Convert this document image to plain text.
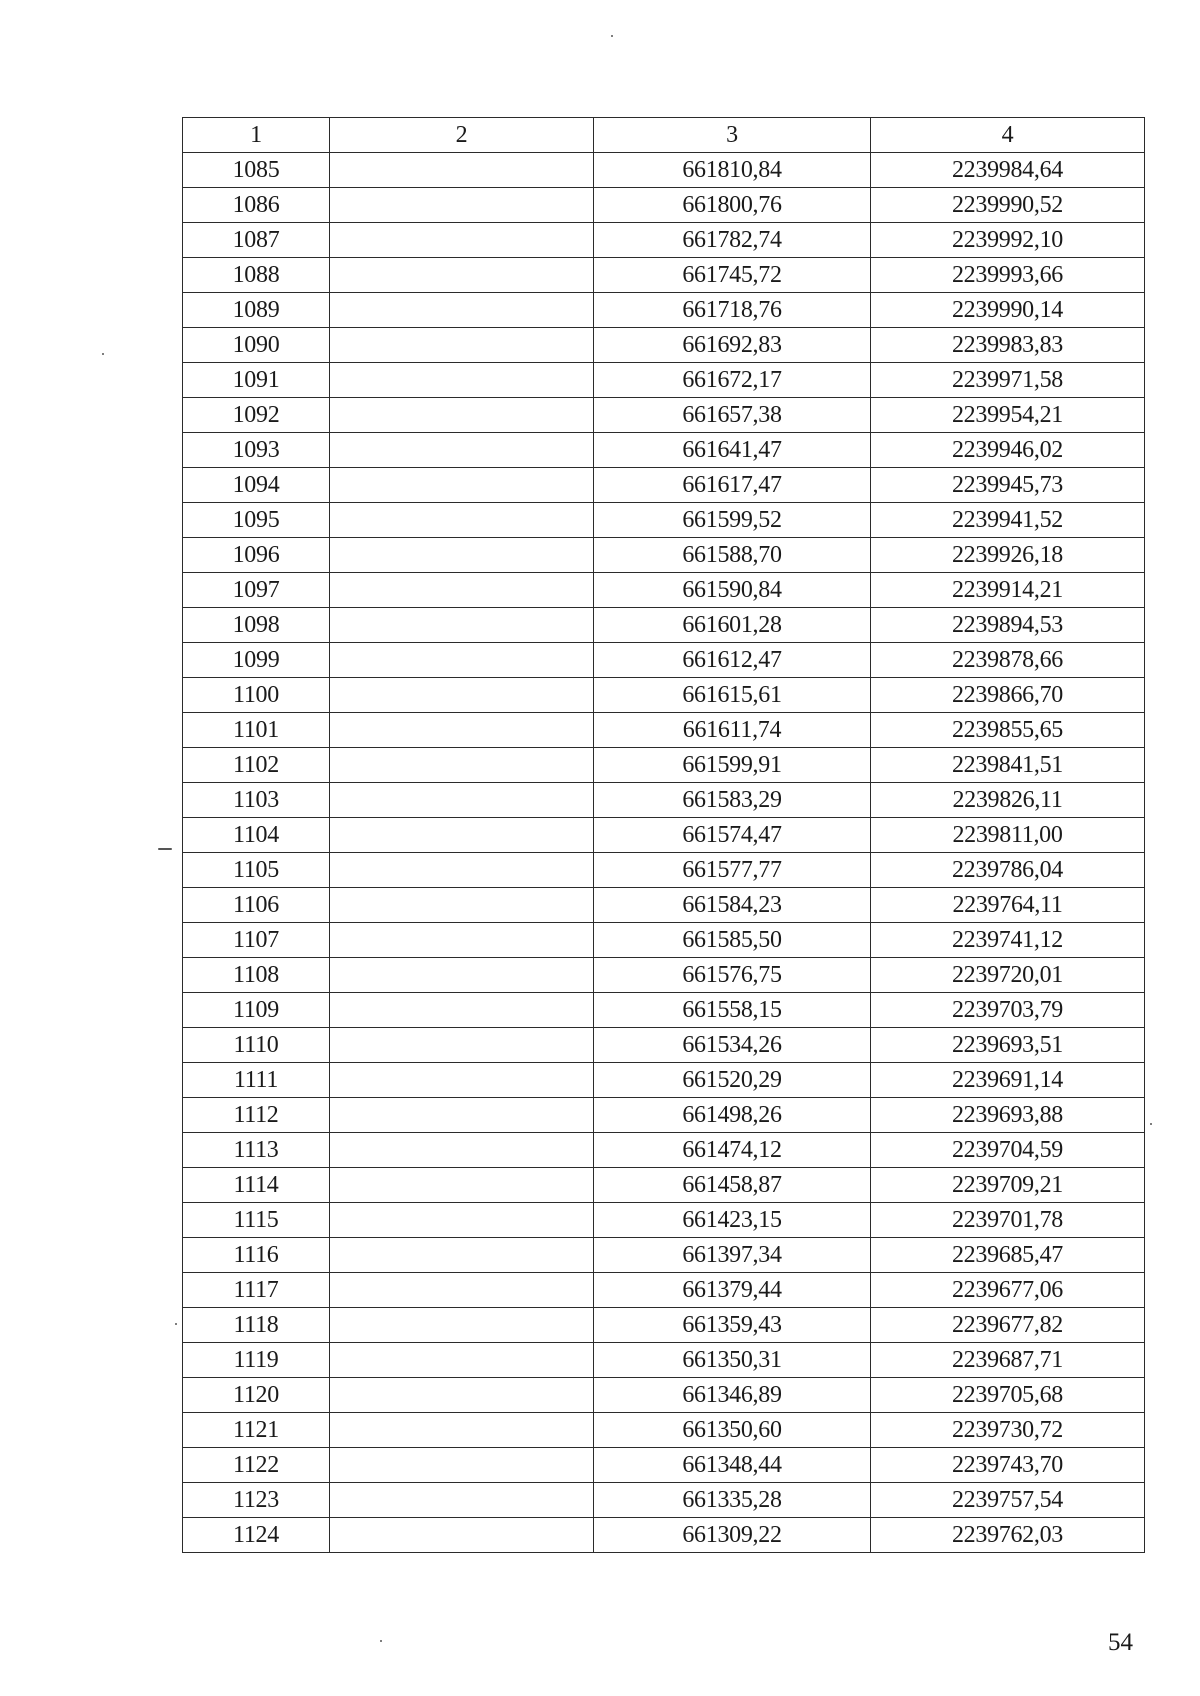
1	2	3	4
1085		661810,84	2239984,64
1086		661800,76	2239990,52
1087		661782,74	2239992,10
1088		661745,72	2239993,66
1089		661718,76	2239990,14
1090		661692,83	2239983,83
1091		661672,17	2239971,58
1092		661657,38	2239954,21
1093		661641,47	2239946,02
1094		661617,47	2239945,73
1095		661599,52	2239941,52
1096		661588,70	2239926,18
1097		661590,84	2239914,21
1098		661601,28	2239894,53
1099		661612,47	2239878,66
1100		661615,61	2239866,70
1101		661611,74	2239855,65
1102		661599,91	2239841,51
1103		661583,29	2239826,11
1104		661574,47	2239811,00
1105		661577,77	2239786,04
1106		661584,23	2239764,11
1107		661585,50	2239741,12
1108		661576,75	2239720,01
1109		661558,15	2239703,79
1110		661534,26	2239693,51
1111		661520,29	2239691,14
1112		661498,26	2239693,88
1113		661474,12	2239704,59
1114		661458,87	2239709,21
1115		661423,15	2239701,78
1116		661397,34	2239685,47
1117		661379,44	2239677,06
1118		661359,43	2239677,82
1119		661350,31	2239687,71
1120		661346,89	2239705,68
1121		661350,60	2239730,72
1122		661348,44	2239743,70
1123		661335,28	2239757,54
1124		661309,22	2239762,03
54
